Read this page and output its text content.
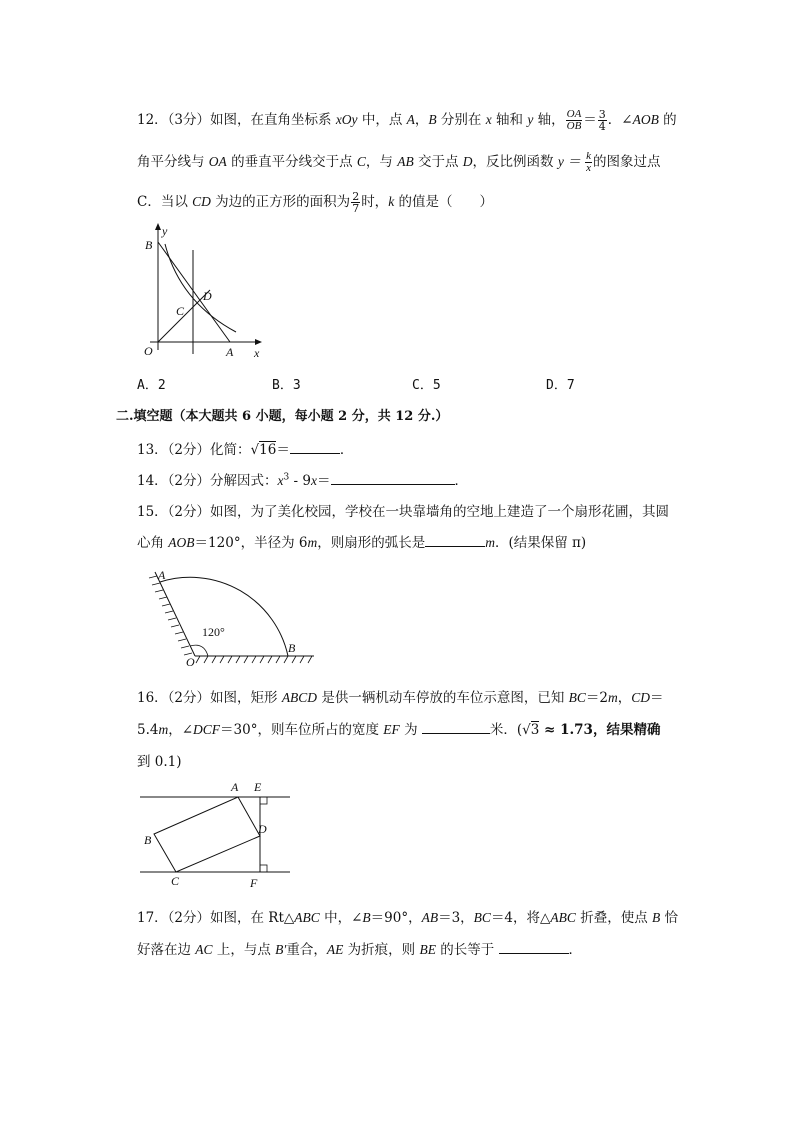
12．（3分）如图，在直角坐标系 xOy 中，点 A，B 分别在 x 轴和 y 轴， $\frac{OA}{OB} = \frac{3}{4}$ ．∠AOB 的
角平分线与 OA 的垂直平分线交于点 C，与 AB 交于点 D，反比例函数 $y = \frac{k}{x}$ 的图象过点
C．当以 CD 为边的正方形的面积为 $\frac{2}{7}$ 时，k 的值是（　　）
B
y
D
C
O	A x
A．2	B．3	C．5	D．7
二.填空题（本大题共 6 小题，每小题 2 分，共 12 分.）
13．（2分）化简：√16＝	．
14．（2分）分解因式：$x^3 - 9x=$	．
15．（2分）如图，为了美化校园，学校在一块靠墙角的空地上建造了一个扇形花圃，其圆
心角 AOB＝120°，半径为 6m，则扇形的弧长是	m．(结果保留 π)
A
120°
B
O
16．（2分）如图，矩形 ABCD 是供一辆机动车停放的车位示意图，已知 BC＝2m，CD＝
5.4m，∠DCF＝30°，则车位所占的宽度 EF 为	米．(√3 ≈ 1.73，结果精确
到 0.1)
A E
B
D
C	F
17．（2分）如图，在 Rt△ABC 中，∠B＝90°，AB＝3，BC＝4，将△ABC 折叠，使点 B 恰
好落在边 AC 上，与点 B′重合，AE 为折痕，则 BE 的长等于	．
